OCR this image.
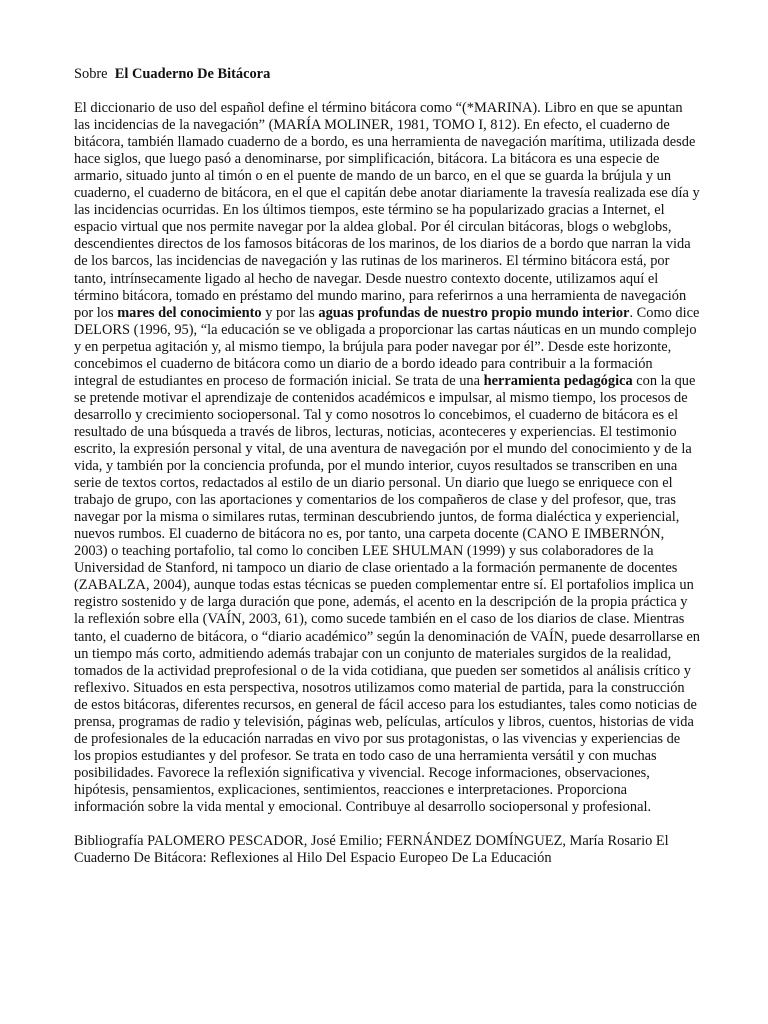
Sobre El Cuaderno De Bitácora

El diccionario de uso del español define el término bitácora como “(*MARINA). Libro en que se apuntan las incidencias de la navegación” (MARÍA MOLINER, 1981, TOMO I, 812). En efecto, el cuaderno de bitácora, también llamado cuaderno de a bordo, es una herramienta de navegación marítima, utilizada desde hace siglos, que luego pasó a denominarse, por simplificación, bitácora. La bitácora es una especie de armario, situado junto al timón o en el puente de mando de un barco, en el que se guarda la brújula y un cuaderno, el cuaderno de bitácora, en el que el capitán debe anotar diariamente la travesía realizada ese día y las incidencias ocurridas. En los últimos tiempos, este término se ha popularizado gracias a Internet, el espacio virtual que nos permite navegar por la aldea global. Por él circulan bitácoras, blogs o webglobs, descendientes directos de los famosos bitácoras de los marinos, de los diarios de a bordo que narran la vida de los barcos, las incidencias de navegación y las rutinas de los marineros. El término bitácora está, por tanto, intrínsecamente ligado al hecho de navegar. Desde nuestro contexto docente, utilizamos aquí el término bitácora, tomado en préstamo del mundo marino, para referirnos a una herramienta de navegación por los mares del conocimiento y por las aguas profundas de nuestro propio mundo interior. Como dice DELORS (1996, 95), “la educación se ve obligada a proporcionar las cartas náuticas en un mundo complejo y en perpetua agitación y, al mismo tiempo, la brújula para poder navegar por él”. Desde este horizonte, concebimos el cuaderno de bitácora como un diario de a bordo ideado para contribuir a la formación integral de estudiantes en proceso de formación inicial. Se trata de una herramienta pedagógica con la que se pretende motivar el aprendizaje de contenidos académicos e impulsar, al mismo tiempo, los procesos de desarrollo y crecimiento sociopersonal. Tal y como nosotros lo concebimos, el cuaderno de bitácora es el resultado de una búsqueda a través de libros, lecturas, noticias, aconteceres y experiencias. El testimonio escrito, la expresión personal y vital, de una aventura de navegación por el mundo del conocimiento y de la vida, y también por la conciencia profunda, por el mundo interior, cuyos resultados se transcriben en una serie de textos cortos, redactados al estilo de un diario personal. Un diario que luego se enriquece con el trabajo de grupo, con las aportaciones y comentarios de los compañeros de clase y del profesor, que, tras navegar por la misma o similares rutas, terminan descubriendo juntos, de forma dialéctica y experiencial, nuevos rumbos. El cuaderno de bitácora no es, por tanto, una carpeta docente (CANO E IMBERNÓN, 2003) o teaching portafolio, tal como lo conciben LEE SHULMAN (1999) y sus colaboradores de la Universidad de Stanford, ni tampoco un diario de clase orientado a la formación permanente de docentes (ZABALZA, 2004), aunque todas estas técnicas se pueden complementar entre sí. El portafolios implica un registro sostenido y de larga duración que pone, además, el acento en la descripción de la propia práctica y la reflexión sobre ella (VAÍN, 2003, 61), como sucede también en el caso de los diarios de clase. Mientras tanto, el cuaderno de bitácora, o “diario académico” según la denominación de VAÍN, puede desarrollarse en un tiempo más corto, admitiendo además trabajar con un conjunto de materiales surgidos de la realidad, tomados de la actividad preprofesional o de la vida cotidiana, que pueden ser sometidos al análisis crítico y reflexivo. Situados en esta perspectiva, nosotros utilizamos como material de partida, para la construcción de estos bitácoras, diferentes recursos, en general de fácil acceso para los estudiantes, tales como noticias de prensa, programas de radio y televisión, páginas web, películas, artículos y libros, cuentos, historias de vida de profesionales de la educación narradas en vivo por sus protagonistas, o las vivencias y experiencias de los propios estudiantes y del profesor. Se trata en todo caso de una herramienta versátil y con muchas posibilidades. Favorece la reflexión significativa y vivencial. Recoge informaciones, observaciones, hipótesis, pensamientos, explicaciones, sentimientos, reacciones e interpretaciones. Proporciona información sobre la vida mental y emocional. Contribuye al desarrollo sociopersonal y profesional.

Bibliografía PALOMERO PESCADOR, José Emilio; FERNÁNDEZ DOMÍNGUEZ, María Rosario El Cuaderno De Bitácora: Reflexiones al Hilo Del Espacio Europeo De La Educación
